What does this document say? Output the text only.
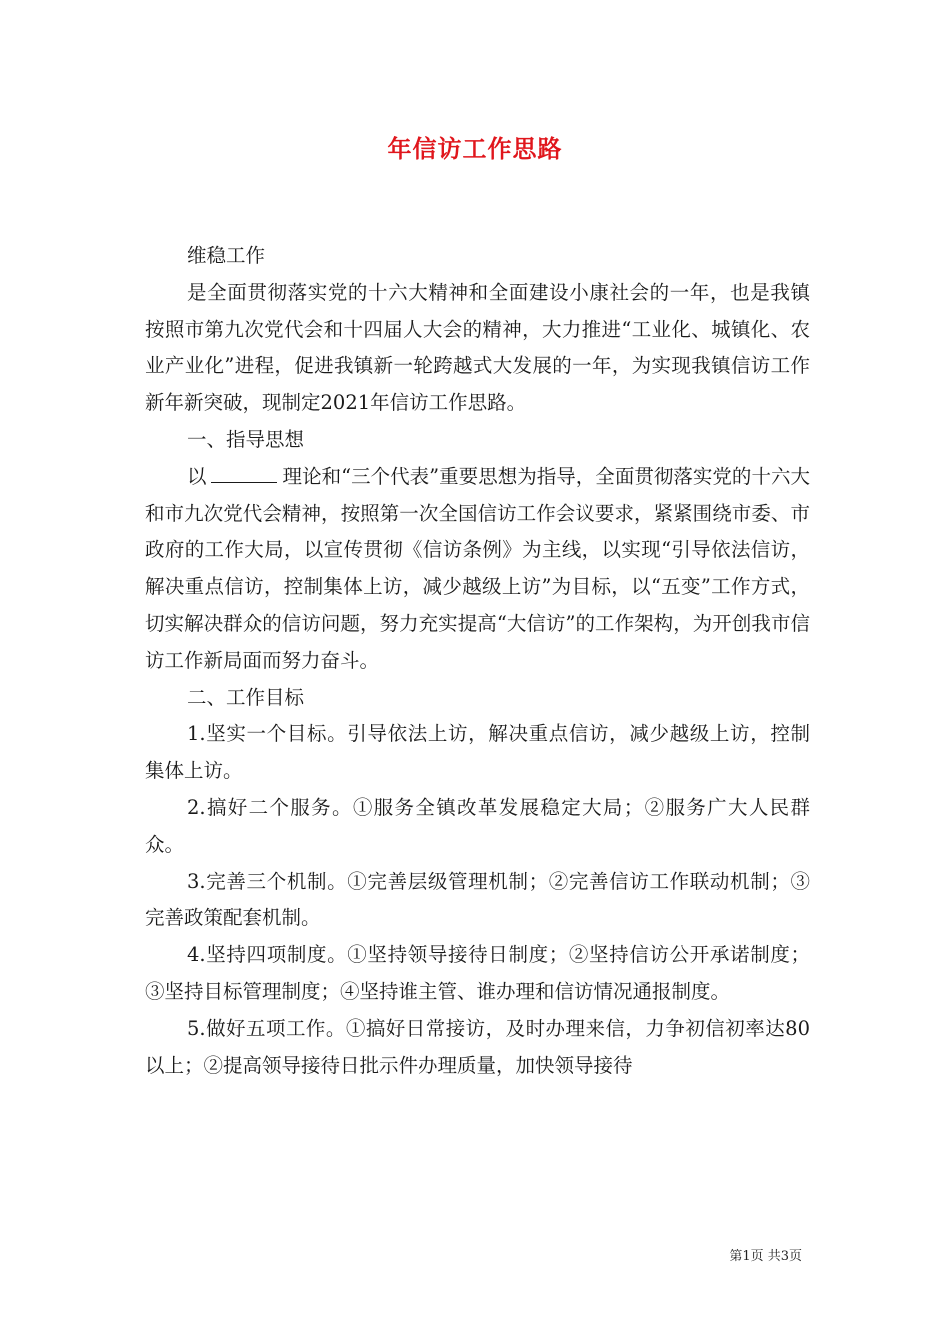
年信访工作思路

维稳工作

是全面贯彻落实党的十六大精神和全面建设小康社会的一年，也是我镇按照市第九次党代会和十四届人大会的精神，大力推进“工业化、城镇化、农业产业化”进程，促进我镇新一轮跨越式大发展的一年，为实现我镇信访工作新年新突破，现制定2021年信访工作思路。

一、指导思想

以	理论和“三个代表”重要思想为指导，全面贯彻落实党的十六大和市九次党代会精神，按照第一次全国信访工作会议要求，紧紧围绕市委、市政府的工作大局，以宣传贯彻《信访条例》为主线，以实现“引导依法信访，解决重点信访，控制集体上访，减少越级上访”为目标，以“五变”工作方式，切实解决群众的信访问题，努力充实提高“大信访”的工作架构，为开创我市信访工作新局面而努力奋斗。

二、工作目标

1.坚实一个目标。引导依法上访，解决重点信访，减少越级上访，控制集体上访。

2.搞好二个服务。①服务全镇改革发展稳定大局；②服务广大人民群众。

3.完善三个机制。①完善层级管理机制；②完善信访工作联动机制；③完善政策配套机制。

4.坚持四项制度。①坚持领导接待日制度；②坚持信访公开承诺制度；③坚持目标管理制度；④坚持谁主管、谁办理和信访情况通报制度。

5.做好五项工作。①搞好日常接访，及时办理来信，力争初信初率达80以上；②提高领导接待日批示件办理质量，加快领导接待

第1页 共3页
